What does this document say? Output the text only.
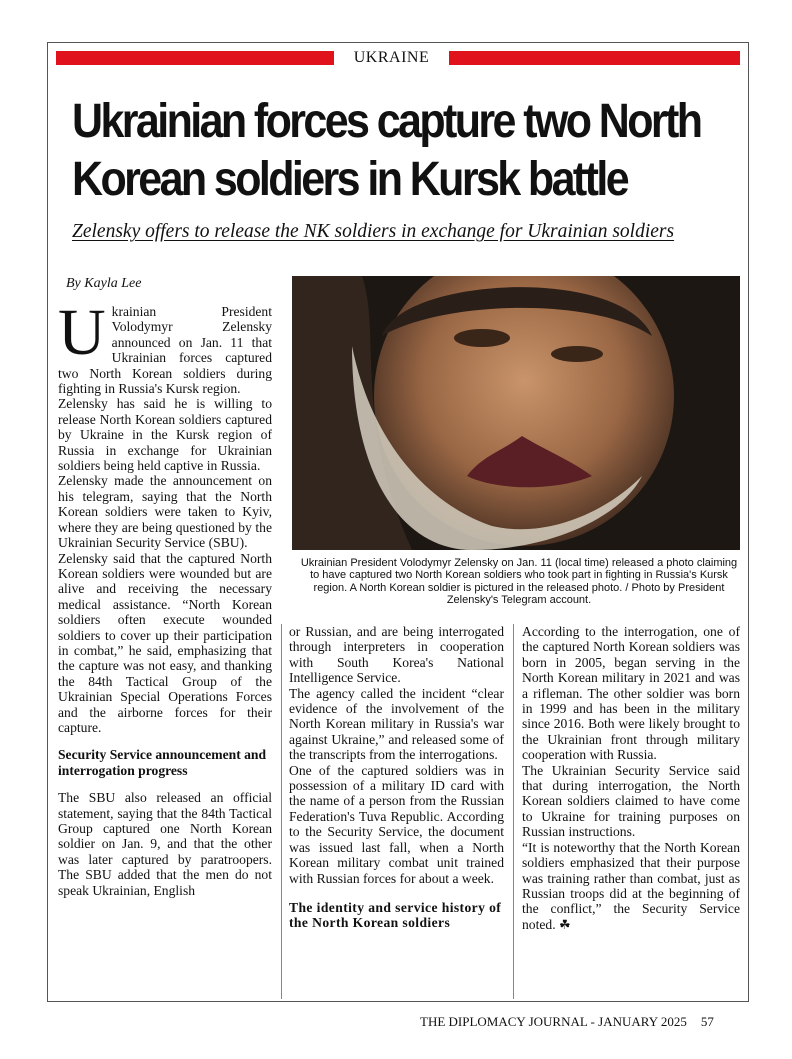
UKRAINE
Ukrainian forces capture two North Korean soldiers in Kursk battle
Zelensky offers to release the NK soldiers in exchange for Ukrainian soldiers
By Kayla Lee
Ukrainian President Volodymyr Zelensky on Jan. 11 (local time) released a photo claiming to have captured two North Korean soldiers who took part in fighting in Russia's Kursk region. A North Korean soldier is pictured in the released photo. / Photo by President Zelensky's Telegram account.
U krainian President Volodymyr Zelensky announced on Jan. 11 that Ukrainian forces captured two North Korean soldiers during fighting in Russia's Kursk region.

Zelensky has said he is willing to release North Korean soldiers captured by Ukraine in the Kursk region of Russia in exchange for Ukrainian soldiers being held captive in Russia.

Zelensky made the announcement on his telegram, saying that the North Korean soldiers were taken to Kyiv, where they are being questioned by the Ukrainian Security Service (SBU).

Zelensky said that the captured North Korean soldiers were wounded but are alive and receiving the necessary medical assistance. “North Korean soldiers often execute wounded soldiers to cover up their participation in combat,” he said, emphasizing that the capture was not easy, and thanking the 84th Tactical Group of the Ukrainian Special Operations Forces and the airborne forces for their capture.

Security Service announcement and interrogation progress

The SBU also released an official statement, saying that the 84th Tactical Group captured one North Korean soldier on Jan. 9, and that the other was later captured by paratroopers. The SBU added that the men do not speak Ukrainian, English

or Russian, and are being interrogated through interpreters in cooperation with South Korea's National Intelligence Service.

The agency called the incident “clear evidence of the involvement of the North Korean military in Russia's war against Ukraine,” and released some of the transcripts from the interrogations.

One of the captured soldiers was in possession of a military ID card with the name of a person from the Russian Federation's Tuva Republic. According to the Security Service, the document was issued last fall, when a North Korean military combat unit trained with Russian forces for about a week.

The identity and service history of the North Korean soldiers

According to the interrogation, one of the captured North Korean soldiers was born in 2005, began serving in the North Korean military in 2021 and was a rifleman. The other soldier was born in 1999 and has been in the military since 2016. Both were likely brought to the Ukrainian front through military cooperation with Russia.

The Ukrainian Security Service said that during interrogation, the North Korean soldiers claimed to have come to Ukraine for training purposes on Russian instructions.

“It is noteworthy that the North Korean soldiers emphasized that their purpose was training rather than combat, just as Russian troops did at the beginning of the conflict,” the Security Service noted. ☘

THE DIPLOMACY JOURNAL - JANUARY 2025 57
